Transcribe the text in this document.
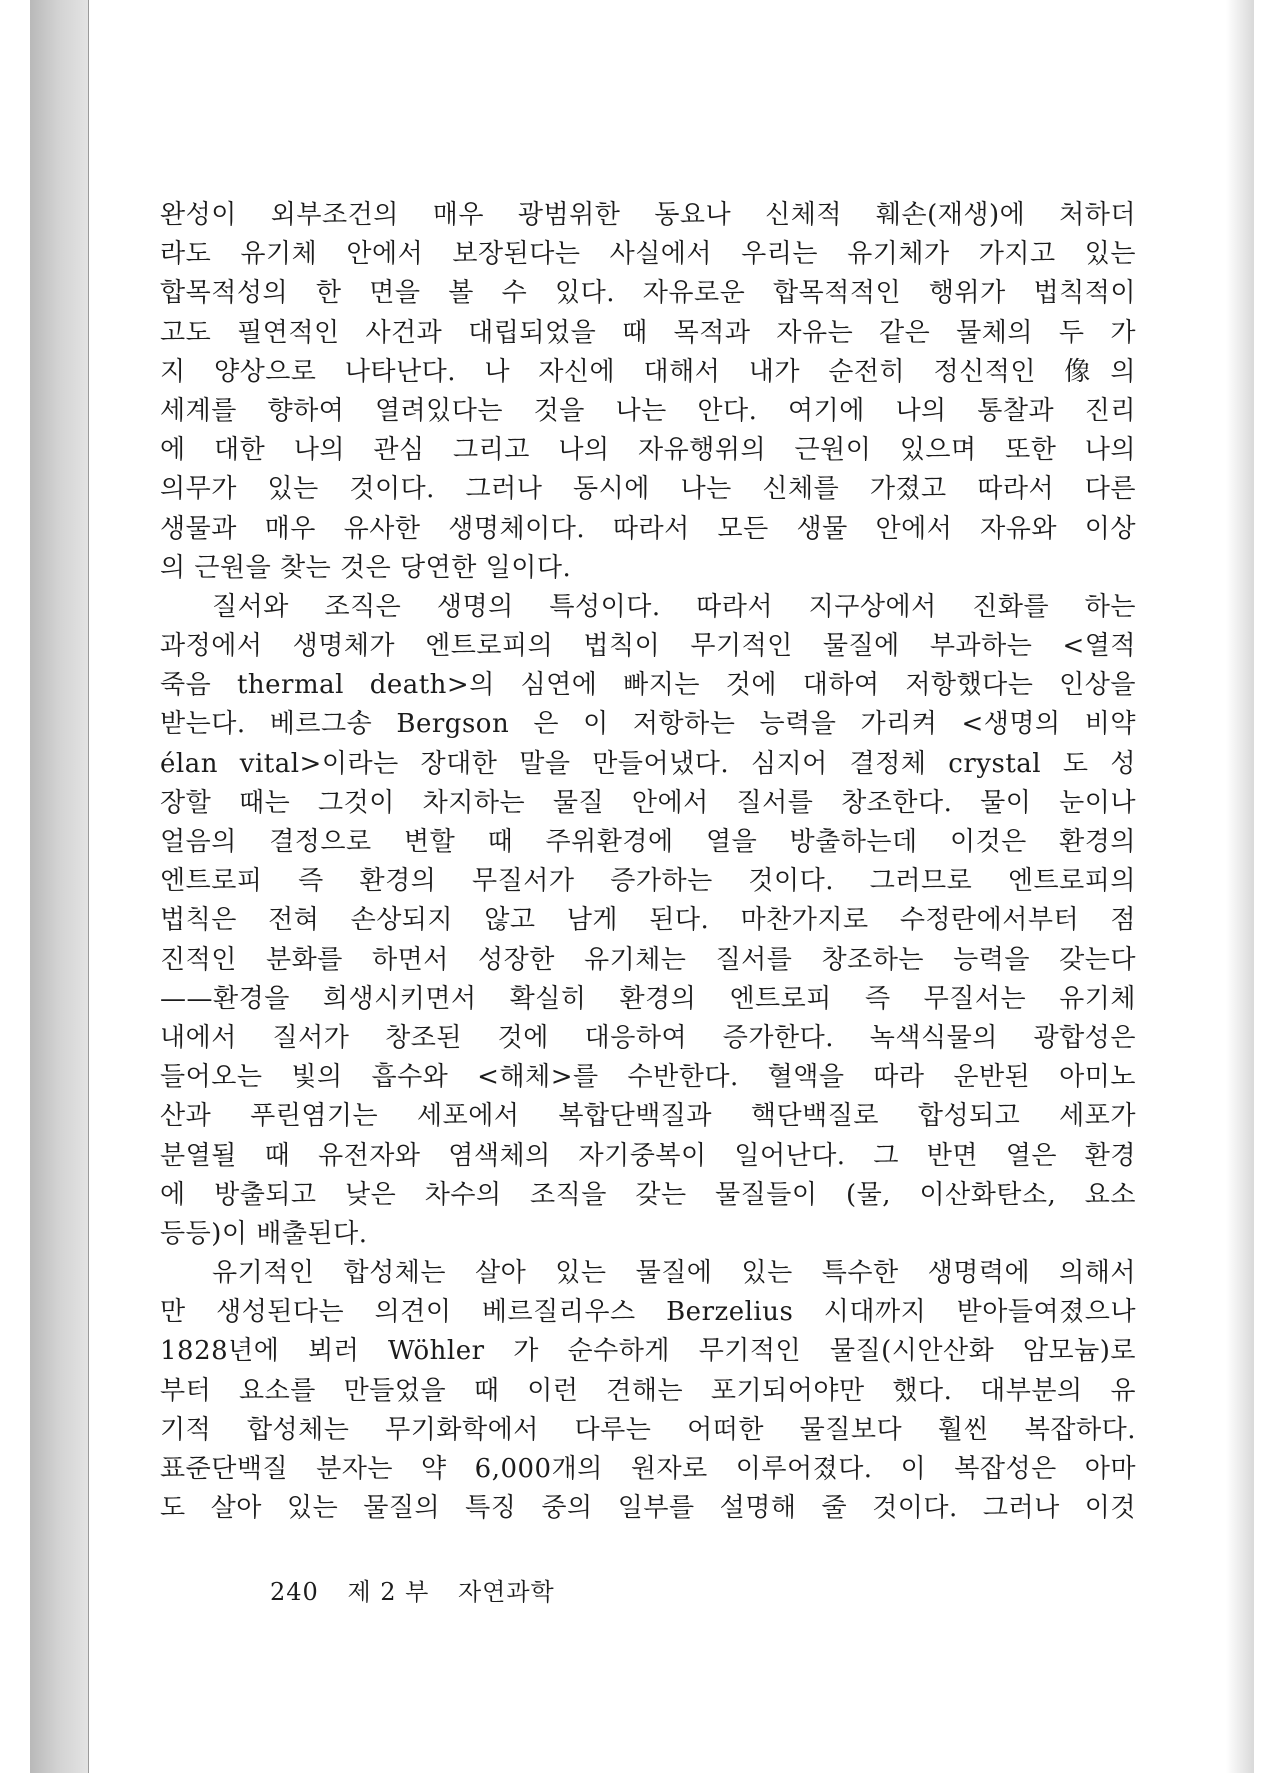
완성이 외부조건의 매우 광범위한 동요나 신체적 훼손(재생)에 처하더
라도 유기체 안에서 보장된다는 사실에서 우리는 유기체가 가지고 있는
합목적성의 한 면을 볼 수 있다. 자유로운 합목적적인 행위가 법칙적이
고도 필연적인 사건과 대립되었을 때 목적과 자유는 같은 물체의 두 가
지 양상으로 나타난다. 나 자신에 대해서 내가 순전히 정신적인 像의
세계를 향하여 열려있다는 것을 나는 안다. 여기에 나의 통찰과 진리
에 대한 나의 관심 그리고 나의 자유행위의 근원이 있으며 또한 나의
의무가 있는 것이다. 그러나 동시에 나는 신체를 가졌고 따라서 다른
생물과 매우 유사한 생명체이다. 따라서 모든 생물 안에서 자유와 이상
의 근원을 찾는 것은 당연한 일이다.
질서와 조직은 생명의 특성이다. 따라서 지구상에서 진화를 하는
과정에서 생명체가 엔트로피의 법칙이 무기적인 물질에 부과하는 <열적
죽음 thermal death>의 심연에 빠지는 것에 대하여 저항했다는 인상을
받는다. 베르그송 Bergson 은 이 저항하는 능력을 가리켜 <생명의 비약
élan vital>이라는 장대한 말을 만들어냈다. 심지어 결정체 crystal 도 성
장할 때는 그것이 차지하는 물질 안에서 질서를 창조한다. 물이 눈이나
얼음의 결정으로 변할 때 주위환경에 열을 방출하는데 이것은 환경의
엔트로피 즉 환경의 무질서가 증가하는 것이다. 그러므로 엔트로피의
법칙은 전혀 손상되지 않고 남게 된다. 마찬가지로 수정란에서부터 점
진적인 분화를 하면서 성장한 유기체는 질서를 창조하는 능력을 갖는다
——환경을 희생시키면서 확실히 환경의 엔트로피 즉 무질서는 유기체
내에서 질서가 창조된 것에 대응하여 증가한다. 녹색식물의 광합성은
들어오는 빛의 흡수와 <해체>를 수반한다. 혈액을 따라 운반된 아미노
산과 푸린염기는 세포에서 복합단백질과 핵단백질로 합성되고 세포가
분열될 때 유전자와 염색체의 자기중복이 일어난다. 그 반면 열은 환경
에 방출되고 낮은 차수의 조직을 갖는 물질들이 (물, 이산화탄소, 요소
등등)이 배출된다.
유기적인 합성체는 살아 있는 물질에 있는 특수한 생명력에 의해서
만 생성된다는 의견이 베르질리우스 Berzelius 시대까지 받아들여졌으나
1828년에 뵈러 Wöhler 가 순수하게 무기적인 물질(시안산화 암모늄)로
부터 요소를 만들었을 때 이런 견해는 포기되어야만 했다. 대부분의 유
기적 합성체는 무기화학에서 다루는 어떠한 물질보다 훨씬 복잡하다.
표준단백질 분자는 약 6,000개의 원자로 이루어졌다. 이 복잡성은 아마
도 살아 있는 물질의 특징 중의 일부를 설명해 줄 것이다. 그러나 이것
240 제 2 부 자연과학
